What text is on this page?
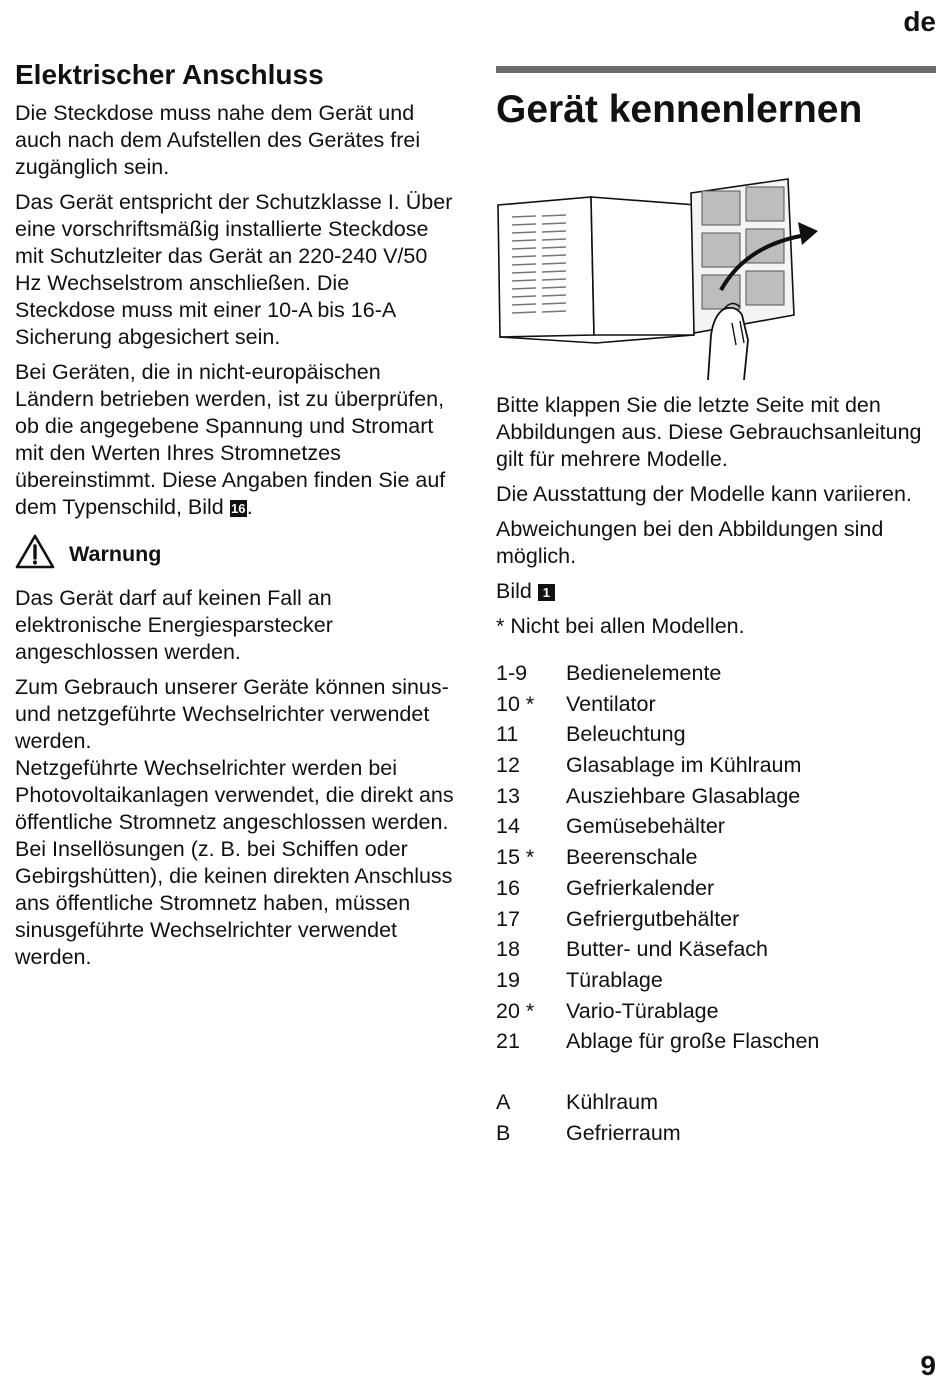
de
Elektrischer Anschluss

Die Steckdose muss nahe dem Gerät und auch nach dem Aufstellen des Gerätes frei zugänglich sein.

Das Gerät entspricht der Schutzklasse I. Über eine vorschriftsmäßig installierte Steckdose mit Schutzleiter das Gerät an 220-240 V/50 Hz Wechselstrom anschließen. Die Steckdose muss mit einer 10-A bis 16-A Sicherung abgesichert sein.

Bei Geräten, die in nicht-europäischen Ländern betrieben werden, ist zu überprüfen, ob die angegebene Spannung und Stromart mit den Werten Ihres Stromnetzes übereinstimmt. Diese Angaben finden Sie auf dem Typenschild, Bild 16.

Warnung

Das Gerät darf auf keinen Fall an elektronische Energiesparstecker angeschlossen werden.

Zum Gebrauch unserer Geräte können sinus- und netzgeführte Wechselrichter verwendet werden.

Netzgeführte Wechselrichter werden bei Photovoltaikanlagen verwendet, die direkt ans öffentliche Stromnetz angeschlossen werden. Bei Insellösungen (z. B. bei Schiffen oder Gebirgshütten), die keinen direkten Anschluss ans öffentliche Stromnetz haben, müssen sinusgeführte Wechselrichter verwendet werden.

Gerät kennenlernen

Bitte klappen Sie die letzte Seite mit den Abbildungen aus. Diese Gebrauchsanleitung gilt für mehrere Modelle.

Die Ausstattung der Modelle kann variieren.

Abweichungen bei den Abbildungen sind möglich.

Bild 1

* Nicht bei allen Modellen.

1-9	Bedienelemente
10 *	Ventilator
11	Beleuchtung
12	Glasablage im Kühlraum
13	Ausziehbare Glasablage
14	Gemüsebehälter
15 *	Beerenschale
16	Gefrierkalender
17	Gefriergutbehälter
18	Butter- und Käsefach
19	Türablage
20 *	Vario-Türablage
21	Ablage für große Flaschen
A	Kühlraum
B	Gefrierraum
9
